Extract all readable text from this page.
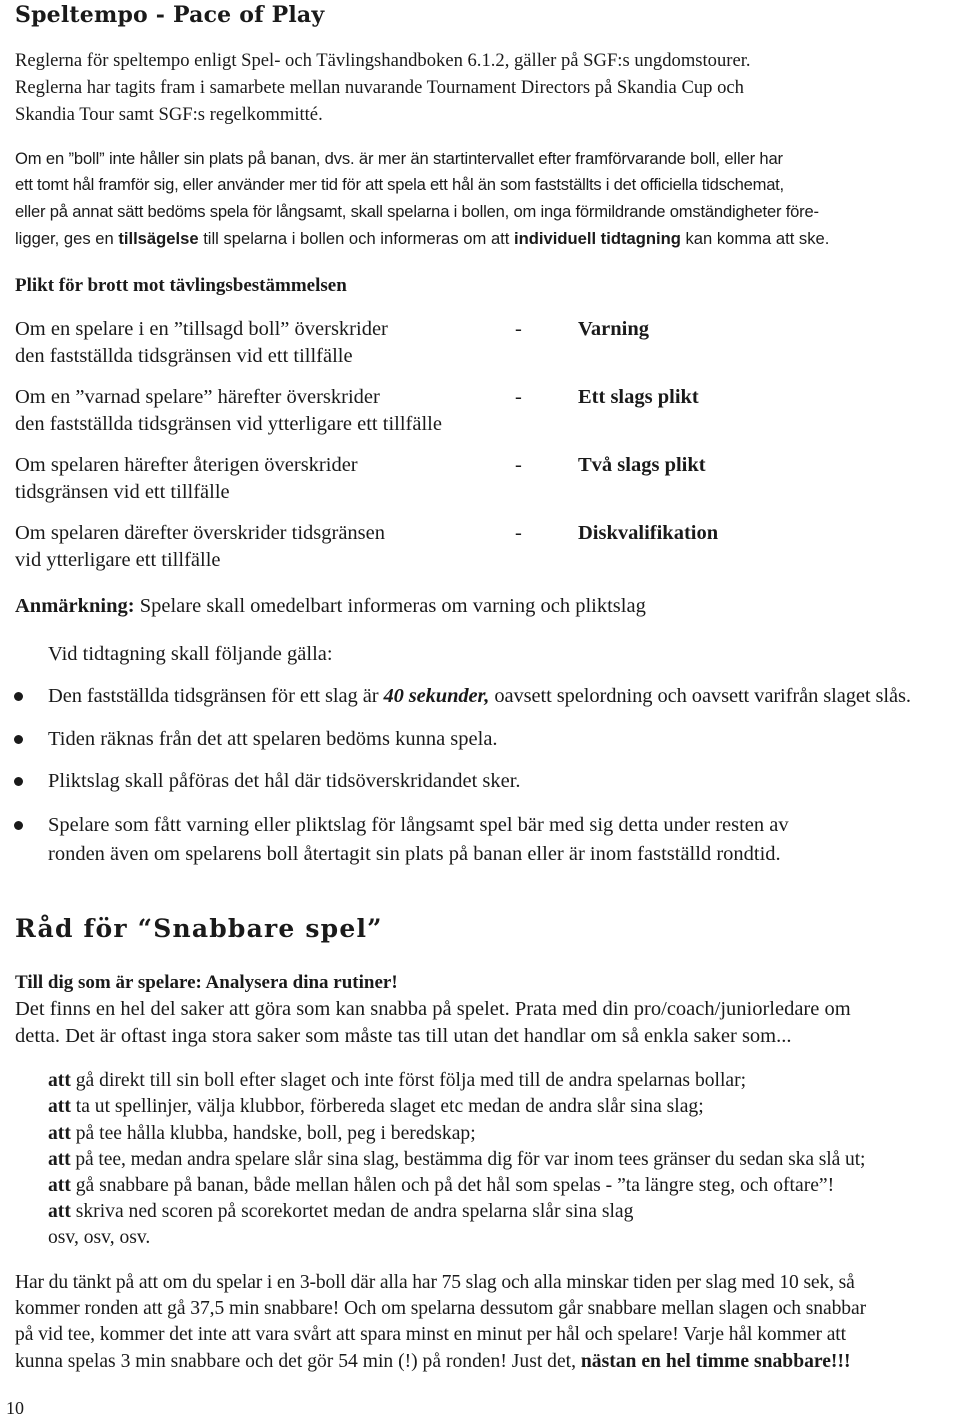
Speltempo - Pace of Play
Reglerna för speltempo enligt Spel- och Tävlingshandboken 6.1.2, gäller på SGF:s ungdomstourer.
Reglerna har tagits fram i samarbete mellan nuvarande Tournament Directors på Skandia Cup och
Skandia Tour samt SGF:s regelkommitté.
Om en ”boll” inte håller sin plats på banan, dvs. är mer än startintervallet efter framförvarande boll, eller har
ett tomt hål framför sig, eller använder mer tid för att spela ett hål än som fastställts i det officiella tidschemat,
eller på annat sätt bedöms spela för långsamt, skall spelarna i bollen, om inga förmildrande omständigheter före-
ligger, ges en tillsägelse till spelarna i bollen och informeras om att individuell tidtagning kan komma att ske.
Plikt för brott mot tävlingsbestämmelsen
Om en spelare i en ”tillsagd boll” överskrider
den fastställda tidsgränsen vid ett tillfälle
-	Varning
Om en ”varnad spelare” härefter överskrider
den fastställda tidsgränsen vid ytterligare ett tillfälle
-	Ett slags plikt
Om spelaren härefter återigen överskrider
tidsgränsen vid ett tillfälle
-	Två slags plikt
Om spelaren därefter överskrider tidsgränsen
vid ytterligare ett tillfälle
-	Diskvalifikation
Anmärkning: Spelare skall omedelbart informeras om varning och pliktslag
Vid tidtagning skall följande gälla:
Den fastställda tidsgränsen för ett slag är 40 sekunder, oavsett spelordning och oavsett varifrån slaget slås.
Tiden räknas från det att spelaren bedöms kunna spela.
Pliktslag skall påföras det hål där tidsöverskridandet sker.
Spelare som fått varning eller pliktslag för långsamt spel bär med sig detta under resten av
ronden även om spelarens boll återtagit sin plats på banan eller är inom fastställd rondtid.
Råd för “Snabbare spel”
Till dig som är spelare: Analysera dina rutiner!
Det finns en hel del saker att göra som kan snabba på spelet. Prata med din pro/coach/juniorledare om
detta. Det är oftast inga stora saker som måste tas till utan det handlar om så enkla saker som...
att gå direkt till sin boll efter slaget och inte först följa med till de andra spelarnas bollar;
att ta ut spellinjer, välja klubbor, förbereda slaget etc medan de andra slår sina slag;
att på tee hålla klubba, handske, boll, peg i beredskap;
att på tee, medan andra spelare slår sina slag, bestämma dig för var inom tees gränser du sedan ska slå ut;
att gå snabbare på banan, både mellan hålen och på det hål som spelas - ”ta längre steg, och oftare”!
att skriva ned scoren på scorekortet medan de andra spelarna slår sina slag
osv, osv, osv.
Har du tänkt på att om du spelar i en 3-boll där alla har 75 slag och alla minskar tiden per slag med 10 sek, så
kommer ronden att gå 37,5 min snabbare! Och om spelarna dessutom går snabbare mellan slagen och snabbar
på vid tee, kommer det inte att vara svårt att spara minst en minut per hål och spelare! Varje hål kommer att
kunna spelas 3 min snabbare och det gör 54 min (!) på ronden! Just det, nästan en hel timme snabbare!!!
10
